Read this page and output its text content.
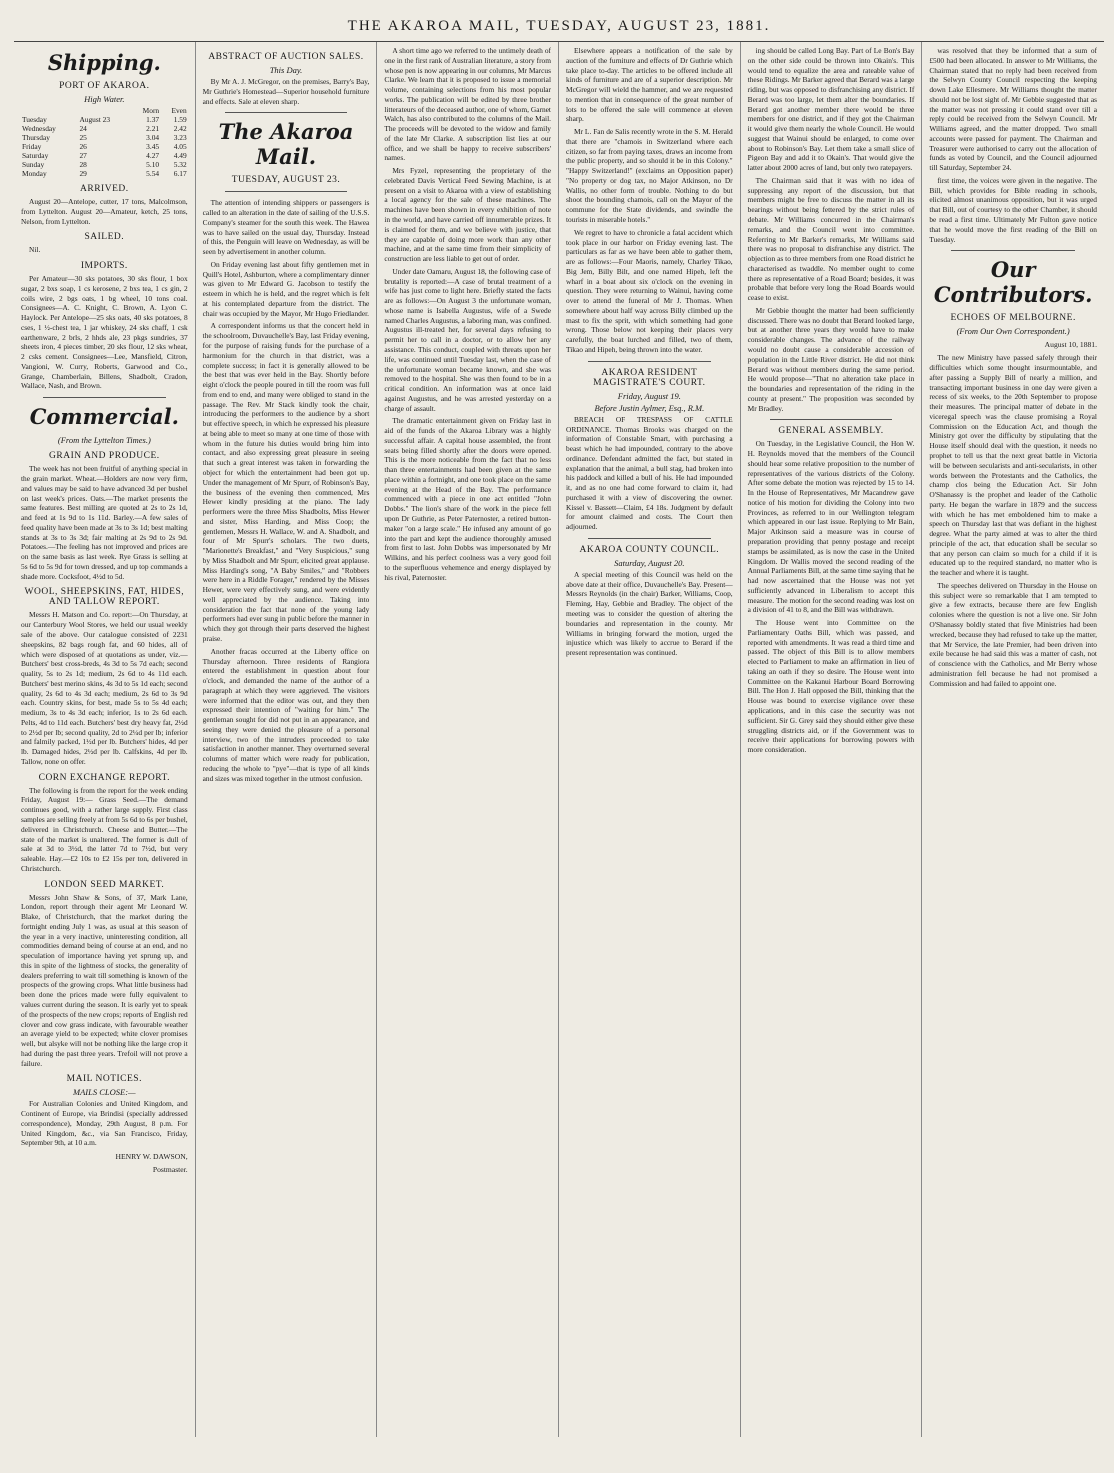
THE AKAROA MAIL, TUESDAY, AUGUST 23, 1881.
Shipping.
PORT OF AKAROA.
High Water.
		Morn	Even
Tuesday	August 23	1.37	1.59
Wednesday	24	2.21	2.42
Thursday	25	3.04	3.23
Friday	26	3.45	4.05
Saturday	27	4.27	4.49
Sunday	28	5.10	5.32
Monday	29	5.54	6.17
ARRIVED.

August 20—Antelope, cutter, 17 tons, Malcolmson, from Lyttelton. August 20—Amateur, ketch, 25 tons, Nelson, from Lyttelton.

SAILED.

Nil.

IMPORTS.

Per Amateur—30 sks potatoes, 30 sks flour, 1 box sugar, 2 bxs soap, 1 cs kerosene, 2 bxs tea, 1 cs gin, 2 coils wire, 2 bgs oats, 1 bg wheel, 10 tons coal. Consignees—A. C. Knight, C. Brown, A. Lyon C. Haylock. Per Antelope—25 sks oats, 40 sks potatoes, 8 cses, 1 ½-chest tea, 1 jar whiskey, 24 sks chaff, 1 csk earthenware, 2 brls, 2 hhds ale, 23 pkgs sundries, 37 sheets iron, 4 pieces timber, 20 sks flour, 12 sks wheat, 2 csks cement. Consignees—Lee, Mansfield, Citron, Vangioni, W. Curry, Roberts, Garwood and Co., Grange, Chamberlain, Billens, Shadbolt, Cradon, Wallace, Nash, and Brown.

Commercial.
(From the Lyttelton Times.)
GRAIN AND PRODUCE.

The week has not been fruitful of anything special in the grain market. Wheat.—Holders are now very firm, and values may be said to have advanced 3d per bushel on last week's prices. Oats.—The market presents the same features. Best milling are quoted at 2s to 2s 1d, and feed at 1s 9d to 1s 11d. Barley.—A few sales of feed quality have been made at 3s to 3s 1d; best malting stands at 3s to 3s 3d; fair malting at 2s 9d to 2s 9d. Potatoes.—The feeling has not improved and prices are on the same basis as last week. Rye Grass is selling at 5s 6d to 5s 9d for town dressed, and up top commands a shade more. Cocksfoot, 4½d to 5d.

WOOL, SHEEPSKINS, FAT, HIDES, AND TALLOW REPORT.

Messrs H. Matson and Co. report:—On Thursday, at our Canterbury Wool Stores, we held our usual weekly sale of the above. Our catalogue consisted of 2231 sheepskins, 82 bags rough fat, and 60 hides, all of which were disposed of at quotations as under, viz.—Butchers' best cross-breds, 4s 3d to 5s 7d each; second quality, 5s to 2s 1d; medium, 2s 6d to 4s 11d each. Butchers' best merino skins, 4s 3d to 5s 1d each; second quality, 2s 6d to 4s 3d each; medium, 2s 6d to 3s 9d each. Country skins, for best, made 5s to 5s 4d each; medium, 3s to 4s 3d each; inferior, 1s to 2s 6d each. Pelts, 4d to 11d each. Butchers' best dry heavy fat, 2½d to 2½d per lb; second quality, 2d to 2¼d per lb; inferior and falmily packed, 1½d per lb. Butchers' hides, 4d per lb. Damaged hides, 2½d per lb. Calfskins, 4d per lb. Tallow, none on offer.

CORN EXCHANGE REPORT.

The following is from the report for the week ending Friday, August 19:— Grass Seed.—The demand continues good, with a rather large supply. First class samples are selling freely at from 5s 6d to 6s per bushel, delivered in Christchurch. Cheese and Butter.—The state of the market is unaltered. The former is dull of sale at 3d to 3½d, the latter 7d to 7½d, but very saleable. Hay.—£2 10s to £2 15s per ton, delivered in Christchurch.

LONDON SEED MARKET.

Messrs John Shaw & Sons, of 37, Mark Lane, London, report through their agent Mr Leonard W. Blake, of Christchurch, that the market during the fortnight ending July 1 was, as usual at this season of the year in a very inactive, uninteresting condition, all commodities demand being of course at an end, and no speculation of importance having yet sprung up, and this in spite of the lightness of stocks, the generality of dealers preferring to wait till something is known of the prospects of the growing crops. What little business had been done the prices made were fully equivalent to values current during the season. It is early yet to speak of the prospects of the new crops; reports of English red clover and cow grass indicate, with favourable weather an average yield to be expected; white clover promises well, but alsyke will not be nothing like the large crop it had during the past three years. Trefoil will not prove a failure.

MAIL NOTICES.
MAILS CLOSE:—

For Australian Colonies and United Kingdom, and Continent of Europe, via Brindisi (specially addressed correspondence), Monday, 29th August, 8 p.m. For United Kingdom, &c., via San Francisco, Friday, September 9th, at 10 a.m.

HENRY W. DAWSON,
Postmaster.
ABSTRACT OF AUCTION SALES.
This Day.

By Mr A. J. McGregor, on the premises, Barry's Bay, Mr Guthrie's Homestead—Superior household furniture and effects. Sale at eleven sharp.

The Akaroa Mail.
TUESDAY, AUGUST 23.

The attention of intending shippers or passengers is called to an alteration in the date of sailing of the U.S.S. Company's steamer for the south this week. The Hawea was to have sailed on the usual day, Thursday. Instead of this, the Penguin will leave on Wednesday, as will be seen by advertisement in another column.

On Friday evening last about fifty gentlemen met in Quill's Hotel, Ashburton, where a complimentary dinner was given to Mr Edward G. Jacobson to testify the esteem in which he is held, and the regret which is felt at his contemplated departure from the district. The chair was occupied by the Mayor, Mr Hugo Friedlander.

A correspondent informs us that the concert held in the schoolroom, Duvauchelle's Bay, last Friday evening, for the purpose of raising funds for the purchase of a harmonium for the church in that district, was a complete success; in fact it is generally allowed to be the best that was ever held in the Bay. Shortly before eight o'clock the people poured in till the room was full from end to end, and many were obliged to stand in the passage. The Rev. Mr Stack kindly took the chair, introducing the performers to the audience by a short but effective speech, in which he expressed his pleasure at being able to meet so many at one time of those with whom in the future his duties would bring him into contact, and also expressing great pleasure in seeing that such a great interest was taken in forwarding the object for which the entertainment had been got up. Under the management of Mr Spurr, of Robinson's Bay, the business of the evening then commenced, Mrs Hewer kindly presiding at the piano. The lady performers were the three Miss Shadbolts, Miss Hewer and sister, Miss Harding, and Miss Coop; the gentlemen, Messrs H. Wallace, W. and A. Shadbolt, and four of Mr Spurr's scholars. The two duets, "Marionette's Breakfast," and "Very Suspicious," sung by Miss Shadbolt and Mr Spurr, elicited great applause. Miss Harding's song, "A Baby Smiles," and "Robbers were here in a Riddle Forager," rendered by the Misses Hewer, were very effectively sung, and were evidently well appreciated by the audience. Taking into consideration the fact that none of the young lady performers had ever sung in public before the manner in which they got through their parts deserved the highest praise.

Another fracas occurred at the Liberty office on Thursday afternoon. Three residents of Rangiora entered the establishment in question about four o'clock, and demanded the name of the author of a paragraph at which they were aggrieved. The visitors were informed that the editor was out, and they then expressed their intention of "waiting for him." The gentleman sought for did not put in an appearance, and seeing they were denied the pleasure of a personal interview, two of the intruders proceeded to take satisfaction in another manner. They overturned several columns of matter which were ready for publication, reducing the whole to "pye"—that is type of all kinds and sizes was mixed together in the utmost confusion.

A short time ago we referred to the untimely death of one in the first rank of Australian literature, a story from whose pen is now appearing in our columns, Mr Marcus Clarke. We learn that it is proposed to issue a memorial volume, containing selections from his most popular works. The publication will be edited by three brother litterateurs of the deceased author, one of whom, Garnet Walch, has also contributed to the columns of the Mail. The proceeds will be devoted to the widow and family of the late Mr Clarke. A subscription list lies at our office, and we shall be happy to receive subscribers' names.

Mrs Fyzel, representing the proprietary of the celebrated Davis Vertical Feed Sewing Machine, is at present on a visit to Akaroa with a view of establishing a local agency for the sale of these machines. The machines have been shown in every exhibition of note in the world, and have carried off innumerable prizes. It is claimed for them, and we believe with justice, that they are capable of doing more work than any other machine, and at the same time from their simplicity of construction are less liable to get out of order.

Under date Oamaru, August 18, the following case of brutality is reported:—A case of brutal treatment of a wife has just come to light here. Briefly stated the facts are as follows:—On August 3 the unfortunate woman, whose name is Isabella Augustus, wife of a Swede named Charles Augustus, a laboring man, was confined. Augustus ill-treated her, for several days refusing to permit her to call in a doctor, or to allow her any assistance. This conduct, coupled with threats upon her life, was continued until Tuesday last, when the case of the unfortunate woman became known, and she was removed to the hospital. She was then found to be in a critical condition. An information was at once laid against Augustus, and he was arrested yesterday on a charge of assault.

The dramatic entertainment given on Friday last in aid of the funds of the Akaroa Library was a highly successful affair. A capital house assembled, the front seats being filled shortly after the doors were opened. This is the more noticeable from the fact that no less than three entertainments had been given at the same place within a fortnight, and one took place on the same evening at the Head of the Bay. The performance commenced with a piece in one act entitled "John Dobbs." The lion's share of the work in the piece fell upon Dr Guthrie, as Peter Paternoster, a retired button-maker "on a large scale." He infused any amount of go into the part and kept the audience thoroughly amused from first to last. John Dobbs was impersonated by Mr Wilkins, and his perfect coolness was a very good foil to the superfluous vehemence and energy displayed by his rival, Paternoster.

Elsewhere appears a notification of the sale by auction of the furniture and effects of Dr Guthrie which take place to-day. The articles to be offered include all kinds of furniture and are of a superior description. Mr McGregor will wield the hammer, and we are requested to mention that in consequence of the great number of lots to be offered the sale will commence at eleven sharp.

Mr L. Fan de Salis recently wrote in the S. M. Herald that there are "chamois in Switzerland where each citizen, so far from paying taxes, draws an income from the public property, and so should it be in this Colony." "Happy Switzerland!" (exclaims an Opposition paper) "No property or dog tax, no Major Atkinson, no Dr Wallis, no other form of trouble. Nothing to do but shoot the bounding chamois, call on the Mayor of the commune for the State dividends, and swindle the tourists in miserable hotels."

We regret to have to chronicle a fatal accident which took place in our harbor on Friday evening last. The particulars as far as we have been able to gather them, are as follows:—Four Maoris, namely, Charley Tikao, Big Jem, Billy Bilt, and one named Hipeh, left the wharf in a boat about six o'clock on the evening in question. They were returning to Wainui, having come over to attend the funeral of Mr J. Thomas. When somewhere about half way across Billy climbed up the mast to fix the sprit, with which something had gone wrong. Those below not keeping their places very carefully, the boat lurched and filled, two of them, Tikao and Hipeh, being thrown into the water.

AKAROA RESIDENT MAGISTRATE'S COURT.
Friday, August 19.
Before Justin Aylmer, Esq., R.M.

BREACH OF TRESPASS OF CATTLE ORDINANCE. Thomas Brooks was charged on the information of Constable Smart, with purchasing a beast which he had impounded, contrary to the above ordinance. Defendant admitted the fact, but stated in explanation that the animal, a bull stag, had broken into his paddock and killed a bull of his. He had impounded it, and as no one had come forward to claim it, had purchased it with a view of discovering the owner. Kissel v. Bassett—Claim, £4 18s. Judgment by default for amount claimed and costs. The Court then adjourned.

AKAROA COUNTY COUNCIL.
Saturday, August 20.

A special meeting of this Council was held on the above date at their office, Duvauchelle's Bay. Present—Messrs Reynolds (in the chair) Barker, Williams, Coop, Fleming, Hay, Gebbie and Bradley. The object of the meeting was to consider the question of altering the boundaries and representation in the county. Mr Williams in bringing forward the motion, urged the injustice which was likely to accrue to Berard if the present representation was continued.

ing should be called Long Bay. Part of Le Bon's Bay on the other side could be thrown into Okain's. This would tend to equalize the area and rateable value of these Ridings. Mr Barker agreed that Berard was a large riding, but was opposed to disfranchising any district. If Berard was too large, let them alter the boundaries. If Berard got another member there would be three members for one district, and if they got the Chairman it would give them nearly the whole Council. He would suggest that Wainui should be enlarged, to come over about to Robinson's Bay. Let them take a small slice of Pigeon Bay and add it to Okain's. That would give the latter about 2000 acres of land, but only two ratepayers.

The Chairman said that it was with no idea of suppressing any report of the discussion, but that members might be free to discuss the matter in all its bearings without being fettered by the strict rules of debate. Mr Williams concurred in the Chairman's remarks, and the Council went into committee. Referring to Mr Barker's remarks, Mr Williams said there was no proposal to disfranchise any district. The objection as to three members from one Road district he characterised as twaddle. No member ought to come there as representative of a Road Board; besides, it was probable that before very long the Road Boards would cease to exist.

Mr Gebbie thought the matter had been sufficiently discussed. There was no doubt that Berard looked large, but at another three years they would have to make considerable changes. The advance of the railway would no doubt cause a considerable accession of population in the Little River district. He did not think Berard was without members during the same period. He would propose—"That no alteration take place in the boundaries and representation of the riding in the county at present." The proposition was seconded by Mr Bradley.

GENERAL ASSEMBLY.

On Tuesday, in the Legislative Council, the Hon W. H. Reynolds moved that the members of the Council should hear some relative proposition to the number of representatives of the various districts of the Colony. After some debate the motion was rejected by 15 to 14. In the House of Representatives, Mr Macandrew gave notice of his motion for dividing the Colony into two Provinces, as referred to in our Wellington telegram which appeared in our last issue. Replying to Mr Bain, Major Atkinson said a measure was in course of preparation providing that penny postage and receipt stamps be assimilated, as is now the case in the United Kingdom. Dr Wallis moved the second reading of the Annual Parliaments Bill, at the same time saying that he had now ascertained that the House was not yet sufficiently advanced in Liberalism to accept this measure. The motion for the second reading was lost on a division of 41 to 8, and the Bill was withdrawn.

The House went into Committee on the Parliamentary Oaths Bill, which was passed, and reported with amendments. It was read a third time and passed. The object of this Bill is to allow members elected to Parliament to make an affirmation in lieu of taking an oath if they so desire. The House went into Committee on the Kakanui Harbour Board Borrowing Bill. The Hon J. Hall opposed the Bill, thinking that the House was bound to exercise vigilance over these applications, and in this case the security was not sufficient. Sir G. Grey said they should either give these struggling districts aid, or if the Government was to receive their applications for borrowing powers with more consideration.

was resolved that they be informed that a sum of £500 had been allocated. In answer to Mr Williams, the Chairman stated that no reply had been received from the Selwyn County Council respecting the keeping down Lake Ellesmere. Mr Williams thought the matter should not be lost sight of. Mr Gebbie suggested that as the matter was not pressing it could stand over till a reply could be received from the Selwyn Council. Mr Williams agreed, and the matter dropped. Two small accounts were passed for payment. The Chairman and Treasurer were authorised to carry out the allocation of funds as voted by Council, and the Council adjourned till Saturday, September 24.

first time, the voices were given in the negative. The Bill, which provides for Bible reading in schools, elicited almost unanimous opposition, but it was urged that Bill, out of courtesy to the other Chamber, it should be read a first time. Ultimately Mr Fulton gave notice that he would move the first reading of the Bill on Tuesday.

Our Contributors.
ECHOES OF MELBOURNE.
(From Our Own Correspondent.)
August 10, 1881.

The new Ministry have passed safely through their difficulties which some thought insurmountable, and after passing a Supply Bill of nearly a million, and transacting important business in one day were given a recess of six weeks, to the 20th September to propose their measures. The principal matter of debate in the viceregal speech was the clause promising a Royal Commission on the Education Act, and though the Ministry got over the difficulty by stipulating that the House itself should deal with the question, it needs no prophet to tell us that the next great battle in Victoria will be between secularists and anti-secularists, in other words between the Protestants and the Catholics, the champ clos being the Education Act. Sir John O'Shanassy is the prophet and leader of the Catholic party. He began the warfare in 1879 and the success with which he has met emboldened him to make a speech on Thursday last that was defiant in the highest degree. What the party aimed at was to alter the third principle of the act, that education shall be secular so that any person can claim so much for a child if it is educated up to the required standard, no matter who is the teacher and where it is taught.

The speeches delivered on Thursday in the House on this subject were so remarkable that I am tempted to give a few extracts, because there are few English colonies where the question is not a live one. Sir John O'Shanassy boldly stated that five Ministries had been wrecked, because they had refused to take up the matter, that Mr Service, the late Premier, had been driven into exile because he had said this was a matter of cash, not of conscience with the Catholics, and Mr Berry whose administration fell because he had not promised a Commission and had failed to appoint one.
